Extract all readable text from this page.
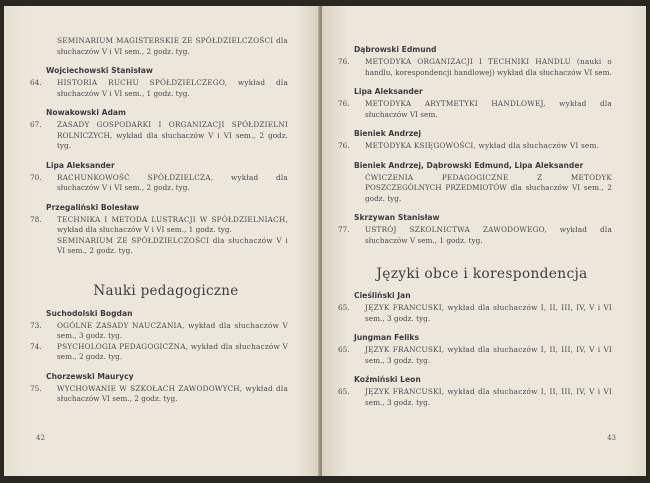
SEMINARIUM MAGISTERSKIE ZE SPÓŁDZIELCZOŚCI dla słuchaczów V i VI sem., 2 godz. tyg.
Wojciechowski Stanisław
64.	HISTORIA RUCHU SPÓŁDZIELCZEGO, wykład dla słuchaczów V i VI sem., 1 godz. tyg.
Nowakowski Adam
67.	ZASADY GOSPODARKI I ORGANIZACJI SPÓŁDZIELNI ROLNICZYCH, wykład dla słuchaczów V i VI sem., 2 godz. tyg.
Lipa Aleksander
70.	RACHUNKOWOŚĆ SPÓŁDZIELCZA, wykład dla słuchaczów V i VI sem., 2 godz. tyg.
Przegaliński Bolesław
78.	TECHNIKA I METODA LUSTRACJI W SPÓŁDZIELNIACH, wykład dla słuchaczów V i VI sem., 1 godz. tyg.
SEMINARIUM ZE SPÓŁDZIELCZOŚCI dla słuchaczów V i VI sem., 2 godz. tyg.
Nauki pedagogiczne
Suchodolski Bogdan
73.	OGÓLNE ZASADY NAUCZANIA, wykład dla słuchaczów V sem., 3 godz. tyg.
74.	PSYCHOLOGIA PEDAGOGICZNA, wykład dla słuchaczów V sem., 2 godz. tyg.
Chorzewski Maurycy
75.	WYCHOWANIE W SZKOŁACH ZAWODOWYCH, wykład dla słuchaczów VI sem., 2 godz. tyg.
42
Dąbrowski Edmund
76.	METODYKA ORGANIZACJI I TECHNIKI HANDLU (nauki o handlu, korespondencji handlowej) wykład dla słuchaczów VI sem.
Lipa Aleksander
76.	METODYKA ARYTMETYKI HANDLOWEJ, wykład dla słuchaczów VI sem.
Bieniek Andrzej
76.	METODYKA KSIĘGOWOŚCI, wykład dla słuchaczów VI sem.
Bieniek Andrzej, Dąbrowski Edmund, Lipa Aleksander
ĆWICZENIA PEDAGOGICZNE Z METODYK POSZCZEGÓLNYCH PRZEDMIOTÓW dla słuchaczów VI sem., 2 godz. tyg.
Skrzywan Stanisław
77.	USTRÓJ SZKOLNICTWA ZAWODOWEGO, wykład dla słuchaczów V sem., 1 godz. tyg.
Języki obce i korespondencja
Cieśliński Jan
65.	JĘZYK FRANCUSKI, wykład dla słuchaczów I, II, III, IV, V i VI sem., 3 godz. tyg.
Jungman Feliks
65.	JĘZYK FRANCUSKI, wykład dla słuchaczów I, II, III, IV, V i VI sem., 3 godz. tyg.
Koźmiński Leon
65.	JĘZYK FRANCUSKI, wykład dla słuchaczów I, II, III, IV, V i VI sem., 3 godz. tyg.
43
